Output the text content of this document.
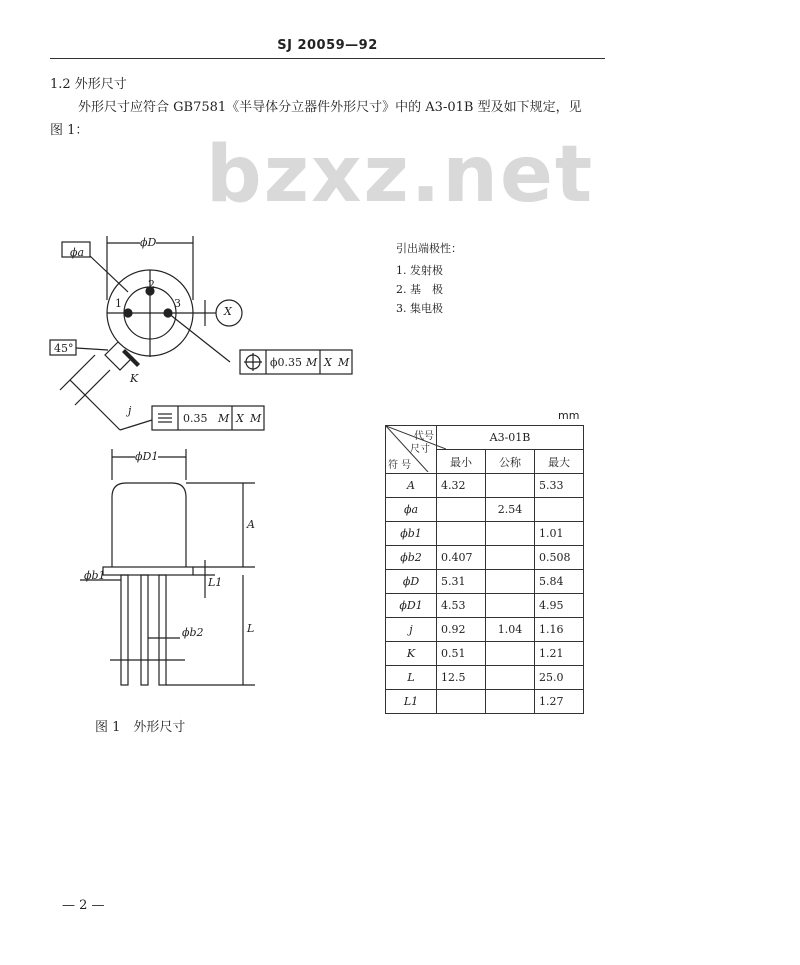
SJ 20059—92
1.2 外形尺寸
外形尺寸应符合 GB7581《半导体分立器件外形尺寸》中的 A3-01B 型及如下规定，见
图 1：	bzxz.net
ϕa
ϕD
1
2
3
X
45°
K
j
ϕ0.35 M X M
0.35 M X M
ϕD1
A
ϕb1
L1
L
ϕb2
引出端极性：
1. 发射极
2. 基　极
3. 集电极
mm
代号
尺寸
符 号	A3-01B		
	最小	公称	最大
A	4.32		5.33
ϕa		2.54	
ϕb1			1.01
ϕb2	0.407		0.508
ϕD	5.31		5.84
ϕD1	4.53		4.95
j	0.92	1.04	1.16
K	0.51		1.21
L	12.5		25.0
L1			1.27
图 1　外形尺寸
— 2 —
